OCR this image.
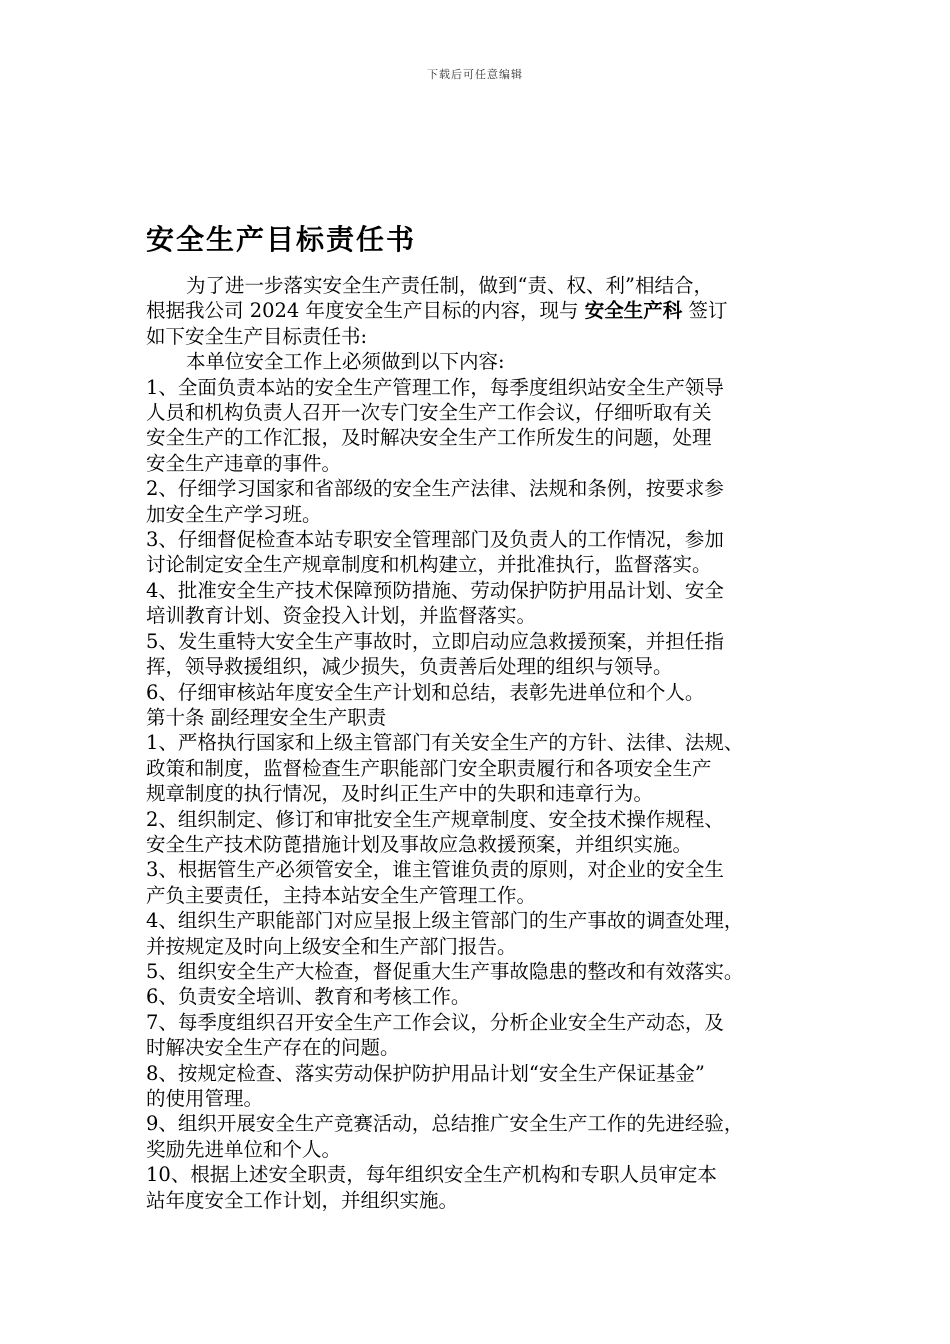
下载后可任意编辑
安全生产目标责任书
为了进一步落实安全生产责任制，做到“责、权、利”相结合，
根据我公司 2024 年度安全生产目标的内容，现与 安全生产科 签订
如下安全生产目标责任书:
本单位安全工作上必须做到以下内容:
1、全面负责本站的安全生产管理工作，每季度组织站安全生产领导
人员和机构负责人召开一次专门安全生产工作会议，仔细听取有关
安全生产的工作汇报，及时解决安全生产工作所发生的问题，处理
安全生产违章的事件。
2、仔细学习国家和省部级的安全生产法律、法规和条例，按要求参
加安全生产学习班。
3、仔细督促检查本站专职安全管理部门及负责人的工作情况，参加
讨论制定安全生产规章制度和机构建立，并批准执行，监督落实。
4、批准安全生产技术保障预防措施、劳动保护防护用品计划、安全
培训教育计划、资金投入计划，并监督落实。
5、发生重特大安全生产事故时，立即启动应急救援预案，并担任指
挥，领导救援组织，减少损失，负责善后处理的组织与领导。
6、仔细审核站年度安全生产计划和总结，表彰先进单位和个人。
第十条 副经理安全生产职责
1、严格执行国家和上级主管部门有关安全生产的方针、法律、法规、
政策和制度，监督检查生产职能部门安全职责履行和各项安全生产
规章制度的执行情况，及时纠正生产中的失职和违章行为。
2、组织制定、修订和审批安全生产规章制度、安全技术操作规程、
安全生产技术防蓖措施计划及事故应急救援预案，并组织实施。
3、根据管生产必须管安全，谁主管谁负责的原则，对企业的安全生
产负主要责任，主持本站安全生产管理工作。
4、组织生产职能部门对应呈报上级主管部门的生产事故的调查处理，
并按规定及时向上级安全和生产部门报告。
5、组织安全生产大检查，督促重大生产事故隐患的整改和有效落实。
6、负责安全培训、教育和考核工作。
7、每季度组织召开安全生产工作会议，分析企业安全生产动态，及
时解决安全生产存在的问题。
8、按规定检查、落实劳动保护防护用品计划“安全生产保证基金”
的使用管理。
9、组织开展安全生产竞赛活动，总结推广安全生产工作的先进经验，
奖励先进单位和个人。
10、根据上述安全职责，每年组织安全生产机构和专职人员审定本
站年度安全工作计划，并组织实施。
